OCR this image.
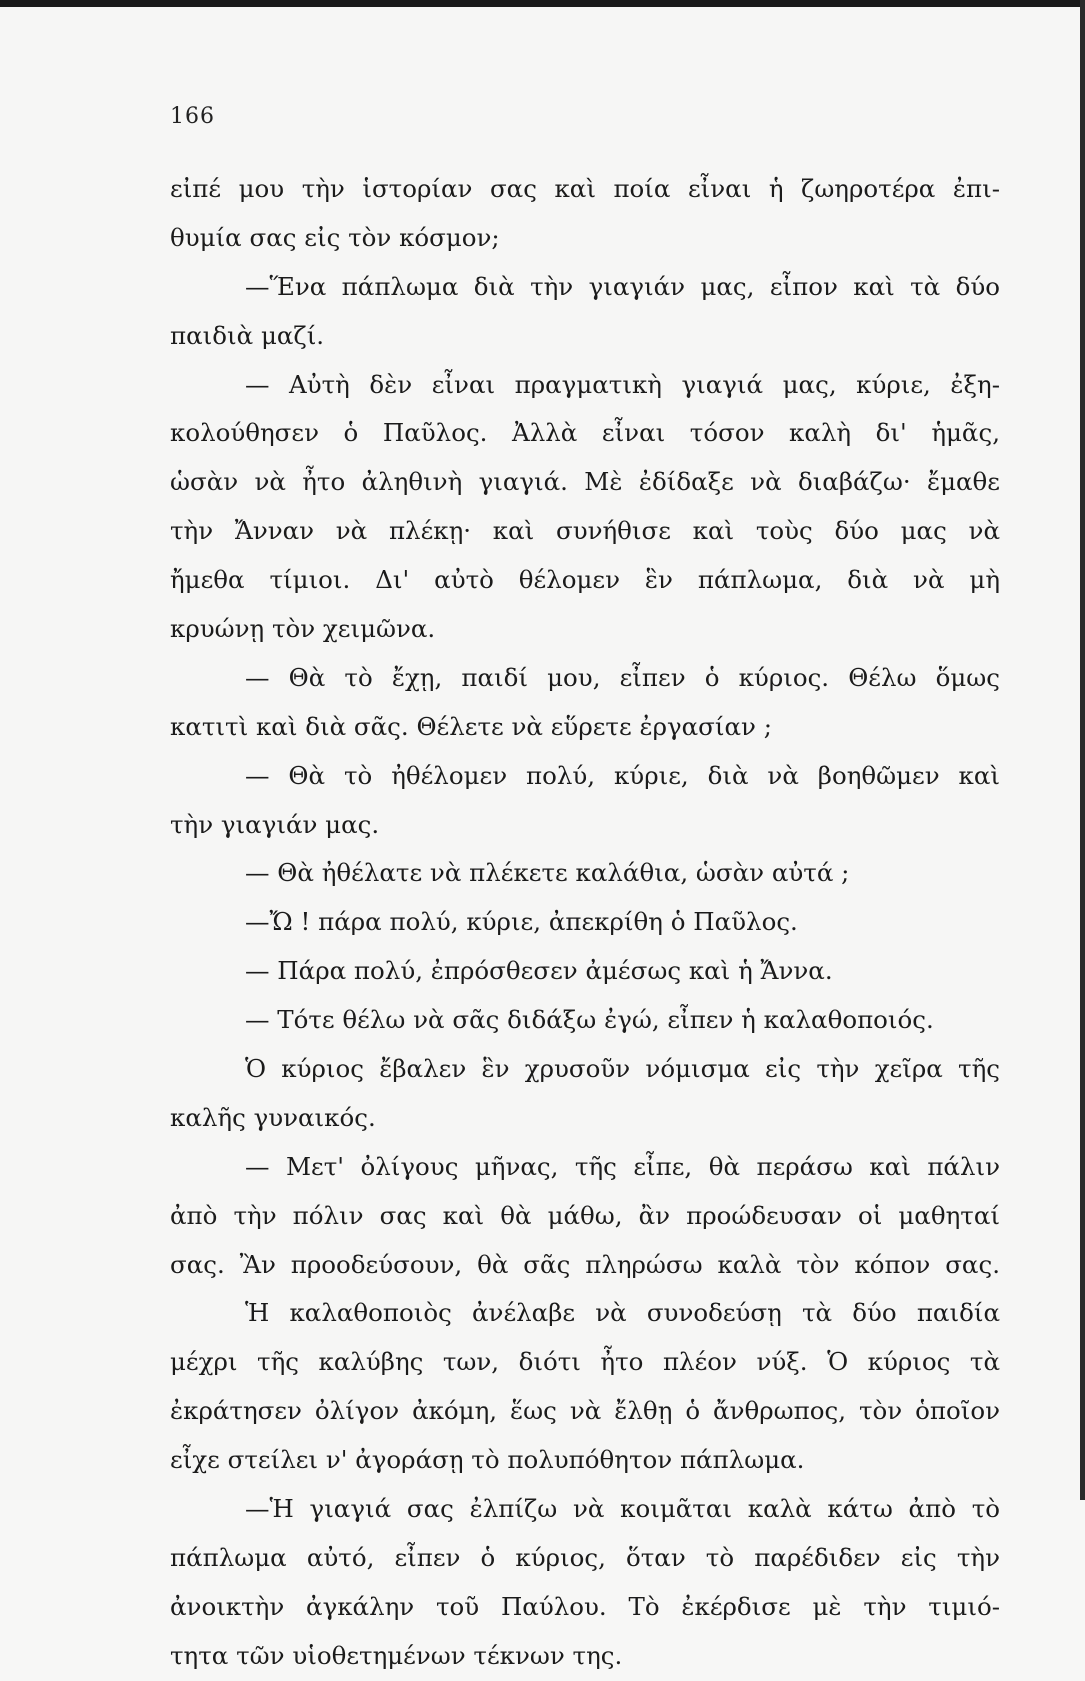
166
εἰπέ μου τὴν ἱστορίαν σας καὶ ποία εἶναι ἡ ζωηροτέρα ἐπι-
θυμία σας εἰς τὸν κόσμον;
—Ἕνα πάπλωμα διὰ τὴν γιαγιάν μας, εἶπον καὶ τὰ δύο
παιδιὰ μαζί.
— Αὐτὴ δὲν εἶναι πραγματικὴ γιαγιά μας, κύριε, ἐξη-
κολούθησεν ὁ Παῦλος. Ἀλλὰ εἶναι τόσον καλὴ δι' ἡμᾶς,
ὡσὰν νὰ ἦτο ἀληθινὴ γιαγιά. Μὲ ἐδίδαξε νὰ διαβάζω· ἔμαθε
τὴν Ἄνναν νὰ πλέκῃ· καὶ συνήθισε καὶ τοὺς δύο μας νὰ
ἤμεθα τίμιοι. Δι' αὐτὸ θέλομεν ἓν πάπλωμα, διὰ νὰ μὴ
κρυώνῃ τὸν χειμῶνα.
— Θὰ τὸ ἔχῃ, παιδί μου, εἶπεν ὁ κύριος. Θέλω ὅμως
κατιτὶ καὶ διὰ σᾶς. Θέλετε νὰ εὕρετε ἐργασίαν ;
— Θὰ τὸ ἠθέλομεν πολύ, κύριε, διὰ νὰ βοηθῶμεν καὶ
τὴν γιαγιάν μας.
— Θὰ ἠθέλατε νὰ πλέκετε καλάθια, ὡσὰν αὐτά ;
—Ὤ ! πάρα πολύ, κύριε, ἀπεκρίθη ὁ Παῦλος.
— Πάρα πολύ, ἐπρόσθεσεν ἀμέσως καὶ ἡ Ἄννα.
— Τότε θέλω νὰ σᾶς διδάξω ἐγώ, εἶπεν ἡ καλαθοποιός.
Ὁ κύριος ἔβαλεν ἓν χρυσοῦν νόμισμα εἰς τὴν χεῖρα τῆς
καλῆς γυναικός.
— Μετ' ὀλίγους μῆνας, τῆς εἶπε, θὰ περάσω καὶ πάλιν
ἀπὸ τὴν πόλιν σας καὶ θὰ μάθω, ἂν προώδευσαν οἱ μαθηταί
σας. Ἂν προοδεύσουν, θὰ σᾶς πληρώσω καλὰ τὸν κόπον σας.
Ἡ καλαθοποιὸς ἀνέλαβε νὰ συνοδεύσῃ τὰ δύο παιδία
μέχρι τῆς καλύβης των, διότι ἦτο πλέον νύξ. Ὁ κύριος τὰ
ἐκράτησεν ὀλίγον ἀκόμη, ἕως νὰ ἔλθῃ ὁ ἄνθρωπος, τὸν ὁποῖον
εἶχε στείλει ν' ἀγοράσῃ τὸ πολυπόθητον πάπλωμα.
—Ἡ γιαγιά σας ἐλπίζω νὰ κοιμᾶται καλὰ κάτω ἀπὸ τὸ
πάπλωμα αὐτό, εἶπεν ὁ κύριος, ὅταν τὸ παρέδιδεν εἰς τὴν
ἀνοικτὴν ἀγκάλην τοῦ Παύλου. Τὸ ἐκέρδισε μὲ τὴν τιμιό-
τητα τῶν υἱοθετημένων τέκνων της.
